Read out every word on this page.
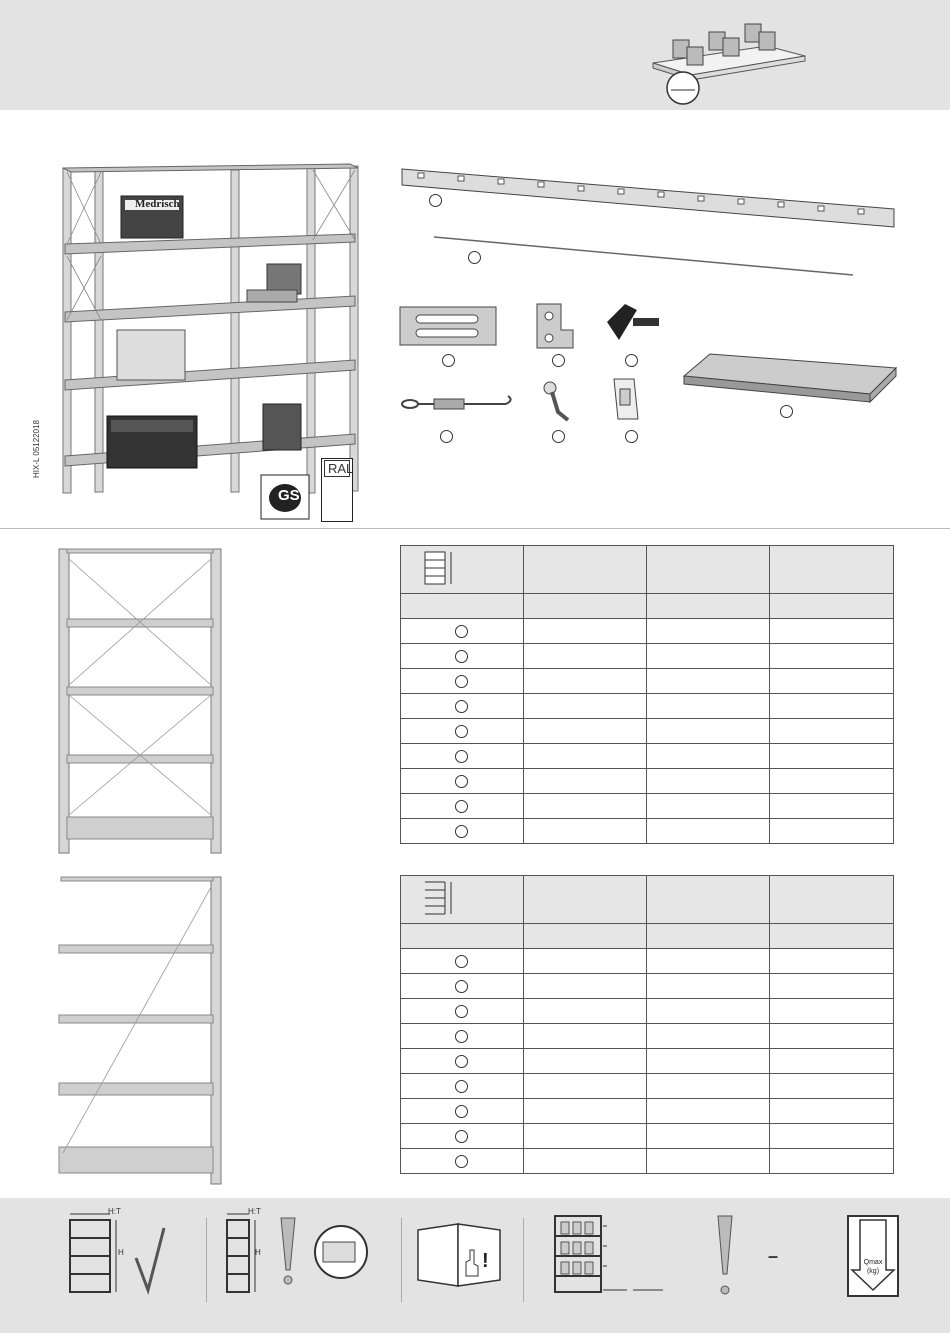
HIX-L 05122018
Medrisch
GS
RAL

H:T
H
H:T
H	!	–	Qmax
(kg)
